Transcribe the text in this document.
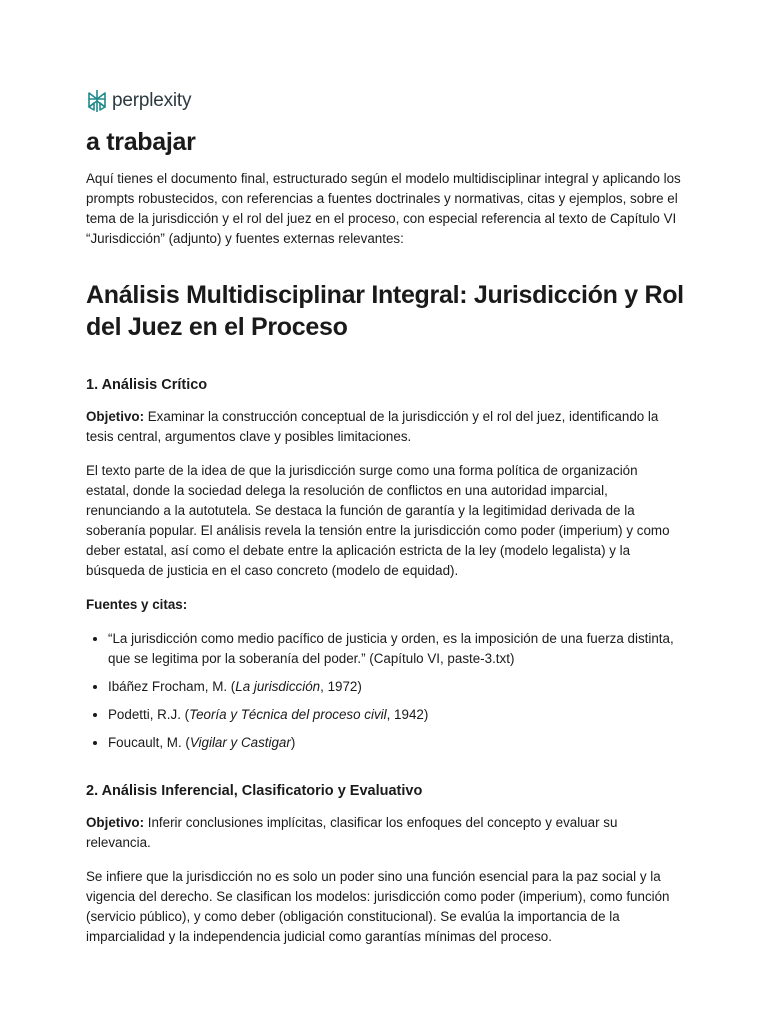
perplexity
a trabajar

Aquí tienes el documento final, estructurado según el modelo multidisciplinar integral y aplicando los prompts robustecidos, con referencias a fuentes doctrinales y normativas, citas y ejemplos, sobre el tema de la jurisdicción y el rol del juez en el proceso, con especial referencia al texto de Capítulo VI “Jurisdicción” (adjunto) y fuentes externas relevantes:

Análisis Multidisciplinar Integral: Jurisdicción y Rol del Juez en el Proceso
1. Análisis Crítico

Objetivo: Examinar la construcción conceptual de la jurisdicción y el rol del juez, identificando la tesis central, argumentos clave y posibles limitaciones.

El texto parte de la idea de que la jurisdicción surge como una forma política de organización estatal, donde la sociedad delega la resolución de conflictos en una autoridad imparcial, renunciando a la autotutela. Se destaca la función de garantía y la legitimidad derivada de la soberanía popular. El análisis revela la tensión entre la jurisdicción como poder (imperium) y como deber estatal, así como el debate entre la aplicación estricta de la ley (modelo legalista) y la búsqueda de justicia en el caso concreto (modelo de equidad).

Fuentes y citas:

• “La jurisdicción como medio pacífico de justicia y orden, es la imposición de una fuerza distinta, que se legitima por la soberanía del poder.” (Capítulo VI, paste-3.txt)
• Ibáñez Frocham, M. (La jurisdicción, 1972)
• Podetti, R.J. (Teoría y Técnica del proceso civil, 1942)
• Foucault, M. (Vigilar y Castigar)
2. Análisis Inferencial, Clasificatorio y Evaluativo

Objetivo: Inferir conclusiones implícitas, clasificar los enfoques del concepto y evaluar su relevancia.

Se infiere que la jurisdicción no es solo un poder sino una función esencial para la paz social y la vigencia del derecho. Se clasifican los modelos: jurisdicción como poder (imperium), como función (servicio público), y como deber (obligación constitucional). Se evalúa la importancia de la imparcialidad y la independencia judicial como garantías mínimas del proceso.
